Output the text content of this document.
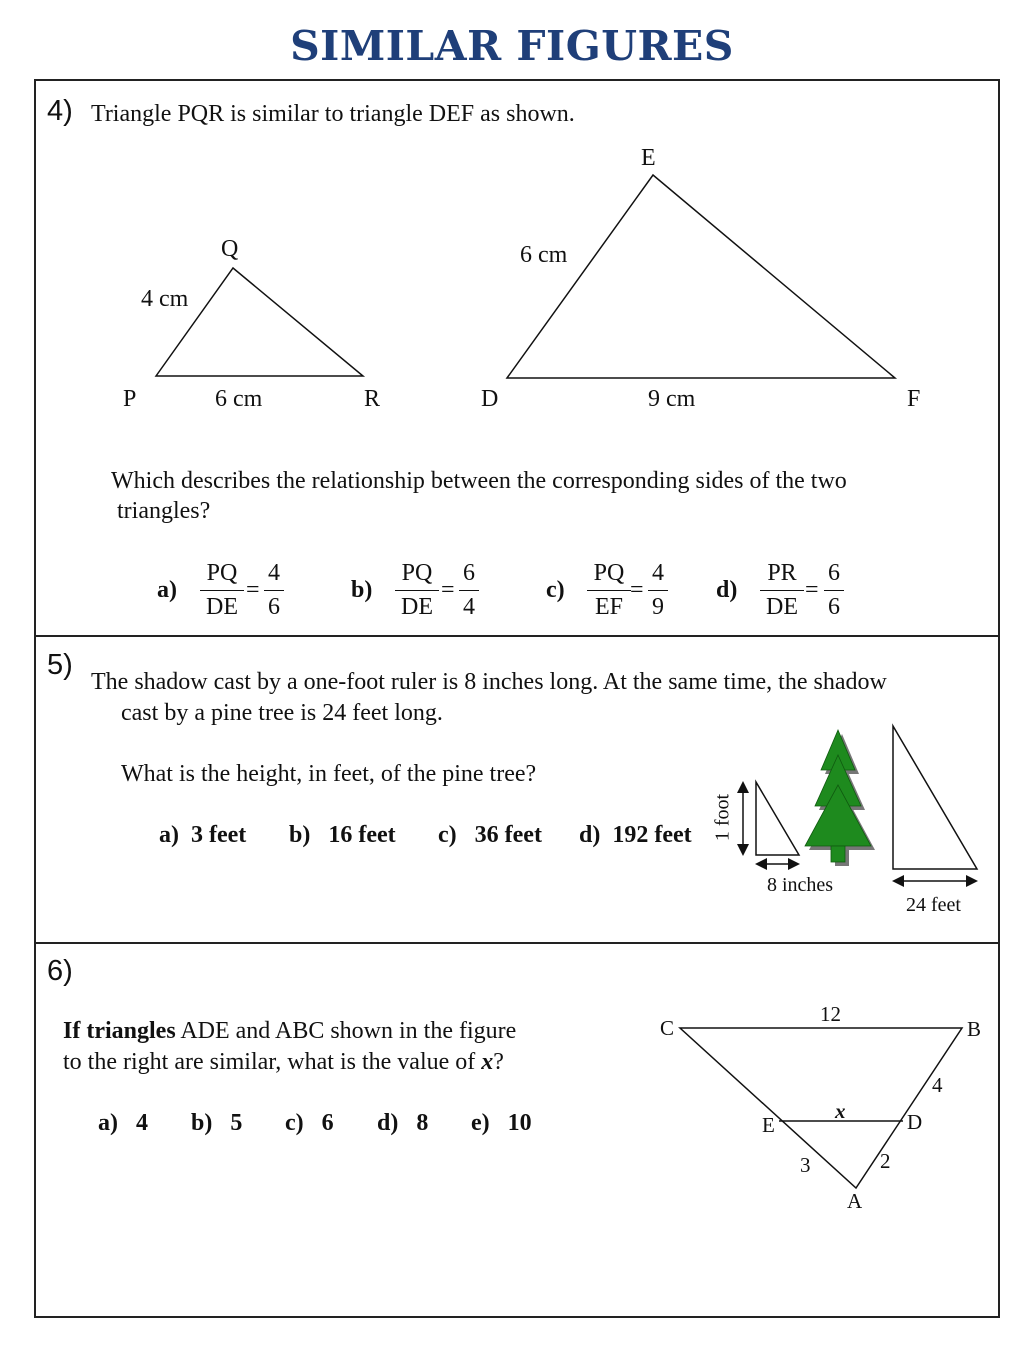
SIMILAR FIGURES
4) Triangle PQR is similar to triangle DEF as shown.
E
Q	6 cm
4 cm
P	6 cm	R	D	9 cm	F
Which describes the relationship between the corresponding sides of the two
triangles?
$a) \frac{PQ}{DE} = \frac{4}{6}$	$b) \frac{PQ}{DE} = \frac{6}{4}$	$c) \frac{PQ}{EF} = \frac{4}{9} d) \frac{PR}{DE} = \frac{6}{6}$
5)
The shadow cast by a one-foot ruler is 8 inches long. At the same time, the shadow
cast by a pine tree is 24 feet long.
What is the height, in feet, of the pine tree?
a)  3 feet b)   16 feet c)   36 feet d)  192 feet 1 foot
8 inches
24 feet
6)
If triangles ADE and ABC shown in the figure
to the right are similar, what is the value of x?
a)   4 b)   5 c)   6 d)   8 e)   10
C
12
B
4
x
E	D
3	2
A
